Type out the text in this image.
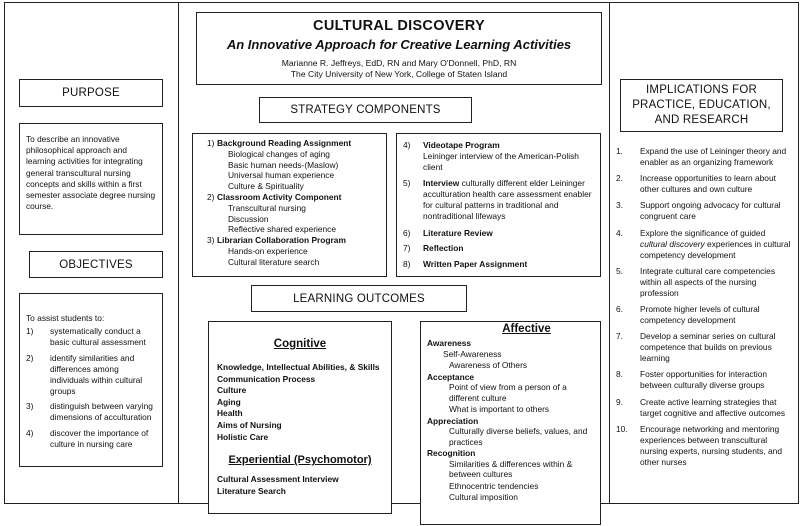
CULTURAL DISCOVERY
An Innovative Approach for Creative Learning Activities
Marianne R. Jeffreys, EdD, RN and Mary O'Donnell, PhD, RN
The City University of New York, College of Staten Island
PURPOSE
To describe an innovative philosophical approach and learning activities for integrating general transcultural nursing concepts and skills within a first semester associate degree nursing course.
OBJECTIVES
To assist students to:
1)	systematically conduct a basic cultural assessment
2)	identify similarities and differences among individuals within cultural groups
3)	distinguish between varying dimensions of acculturation
4)	discover the importance of culture in nursing care
STRATEGY COMPONENTS
1) Background Reading Assignment
Biological changes of aging
Basic human needs-(Maslow)
Universal human experience
Culture & Spirituality
2) Classroom Activity Component
Transcultural nursing
Discussion
Reflective shared experience
3) Librarian Collaboration Program
Hands-on experience
Cultural literature search
4)	Videotape Program
Leininger interview of the American-Polish client
5)	Interview culturally different elder Leininger acculturation health care assessment enabler for cultural patterns in traditional and nontraditional lifeways
6)	Literature Review
7)	Reflection
8)	Written Paper Assignment
LEARNING OUTCOMES
Cognitive
Knowledge, Intellectual Abilities, & Skills
Communication Process
Culture
Aging
Health
Aims of Nursing
Holistic Care
Experiential (Psychomotor)
Cultural Assessment Interview
Literature Search
Affective
Awareness
Self-Awareness
Awareness of Others
Acceptance
Point of view from a person of a different culture
What is important to others
Appreciation
Culturally diverse beliefs, values, and practices
Recognition
Similarities & differences within & between cultures
Ethnocentric tendencies
Cultural imposition
IMPLICATIONS FOR PRACTICE, EDUCATION, AND RESEARCH
1.	Expand the use of Leininger theory and enabler as an organizing framework
2.	Increase opportunities to learn about other cultures and own culture
3.	Support ongoing advocacy for cultural congruent care
4.	Explore the significance of guided cultural discovery experiences in cultural competency development
5.	Integrate cultural care competencies within all aspects of the nursing profession
6.	Promote higher levels of cultural competency development
7.	Develop a seminar series on cultural competence that builds on previous learning
8.	Foster opportunities for interaction between culturally diverse groups
9.	Create active learning strategies that target cognitive and affective outcomes
10.	Encourage networking and mentoring experiences between transcultural nursing experts, nursing students, and other nurses
